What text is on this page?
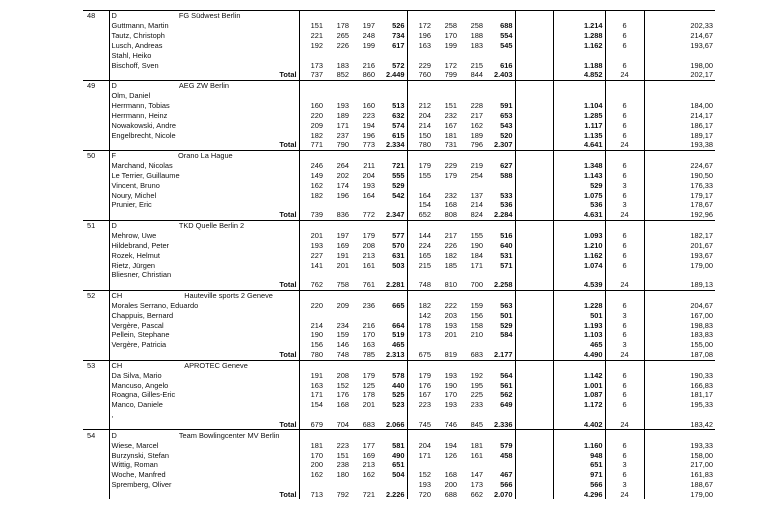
48	D FG Südwest Berlin												
	Guttmann, Martin	151	178	197	526	172	258	258	688		1.214	6	202,33
	Tautz, Christoph	221	265	248	734	196	170	188	554		1.288	6	214,67
	Lusch, Andreas	192	226	199	617	163	199	183	545		1.162	6	193,67
	Stahl, Heiko												
	Bischoff, Sven	173	183	216	572	229	172	215	616		1.188	6	198,00
	Total	737	852	860	2.449	760	799	844	2.403		4.852	24	202,17
49	D AEG ZW Berlin												
	Olm, Daniel												
	Herrmann, Tobias	160	193	160	513	212	151	228	591		1.104	6	184,00
	Herrmann, Heinz	220	189	223	632	204	232	217	653		1.285	6	214,17
	Nowakowski, Andre	209	171	194	574	214	167	162	543		1.117	6	186,17
	Engelbrecht, Nicole	182	237	196	615	150	181	189	520		1.135	6	189,17
	Total	771	790	773	2.334	780	731	796	2.307		4.641	24	193,38
50	F Orano La Hague												
	Marchand, Nicolas	246	264	211	721	179	229	219	627		1.348	6	224,67
	Le Terrier, Guillaume	149	202	204	555	155	179	254	588		1.143	6	190,50
	Vincent, Bruno	162	174	193	529						529	3	176,33
	Noury, Michel	182	196	164	542	164	232	137	533		1.075	6	179,17
	Prunier, Eric					154	168	214	536		536	3	178,67
	Total	739	836	772	2.347	652	808	824	2.284		4.631	24	192,96
51	D TKD Quelle Berlin 2												
	Mehrow, Uwe	201	197	179	577	144	217	155	516		1.093	6	182,17
	Hildebrand, Peter	193	169	208	570	224	226	190	640		1.210	6	201,67
	Rozek, Helmut	227	191	213	631	165	182	184	531		1.162	6	193,67
	Rietz, Jürgen	141	201	161	503	215	185	171	571		1.074	6	179,00
	Bliesner, Christian												
	Total	762	758	761	2.281	748	810	700	2.258		4.539	24	189,13
52	CH Hauteville sports 2 Geneve												
	Morales Serrano, Eduardo	220	209	236	665	182	222	159	563		1.228	6	204,67
	Chappuis, Bernard					142	203	156	501		501	3	167,00
	Vergère, Pascal	214	234	216	664	178	193	158	529		1.193	6	198,83
	Pellein, Stephane	190	159	170	519	173	201	210	584		1.103	6	183,83
	Vergère, Patricia	156	146	163	465						465	3	155,00
	Total	780	748	785	2.313	675	819	683	2.177		4.490	24	187,08
53	CH APROTEC Geneve												
	Da Silva, Mario	191	208	179	578	179	193	192	564		1.142	6	190,33
	Mancuso, Angelo	163	152	125	440	176	190	195	561		1.001	6	166,83
	Roagna, Gilles-Eric	171	176	178	525	167	170	225	562		1.087	6	181,17
	Manco, Daniele	154	168	201	523	223	193	233	649		1.172	6	195,33
	,												
	Total	679	704	683	2.066	745	746	845	2.336		4.402	24	183,42
54	D Team Bowlingcenter MV Berlin												
	Wiese, Marcel	181	223	177	581	204	194	181	579		1.160	6	193,33
	Burzynski, Stefan	170	151	169	490	171	126	161	458		948	6	158,00
	Wittig, Roman	200	238	213	651						651	3	217,00
	Woche, Manfred	162	180	162	504	152	168	147	467		971	6	161,83
	Spremberg, Oliver					193	200	173	566		566	3	188,67
	Total	713	792	721	2.226	720	688	662	2.070		4.296	24	179,00
